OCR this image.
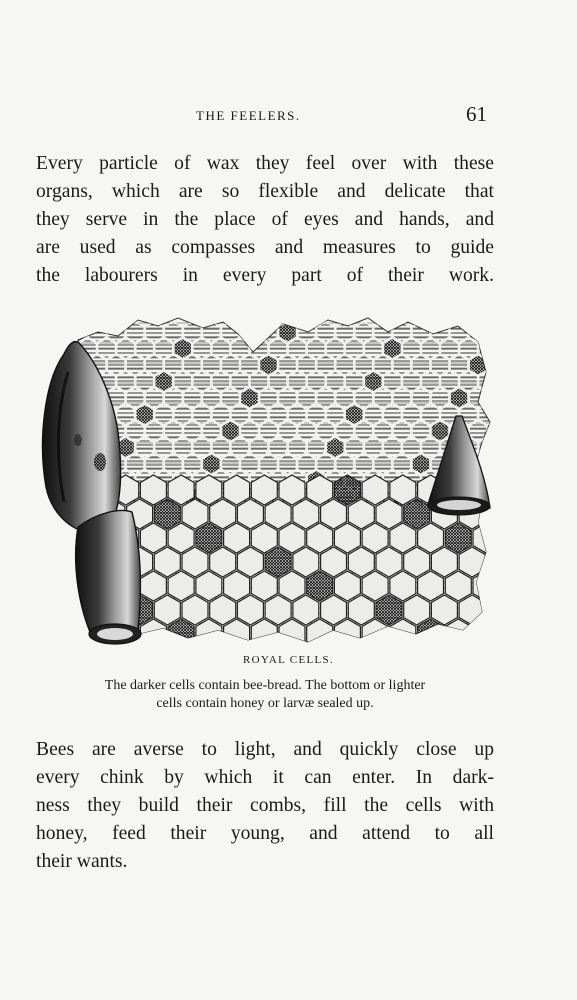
THE FEELERS.	61

Every particle of wax they feel over with these
organs, which are so flexible and delicate that
they serve in the place of eyes and hands, and
are used as compasses and measures to guide
the labourers in every part of their work.

ROYAL CELLS.
The darker cells contain bee-bread. The bottom or lighter
cells contain honey or larvæ sealed up.

Bees are averse to light, and quickly close up
every chink by which it can enter. In dark-
ness they build their combs, fill the cells with
honey, feed their young, and attend to all
their wants.
